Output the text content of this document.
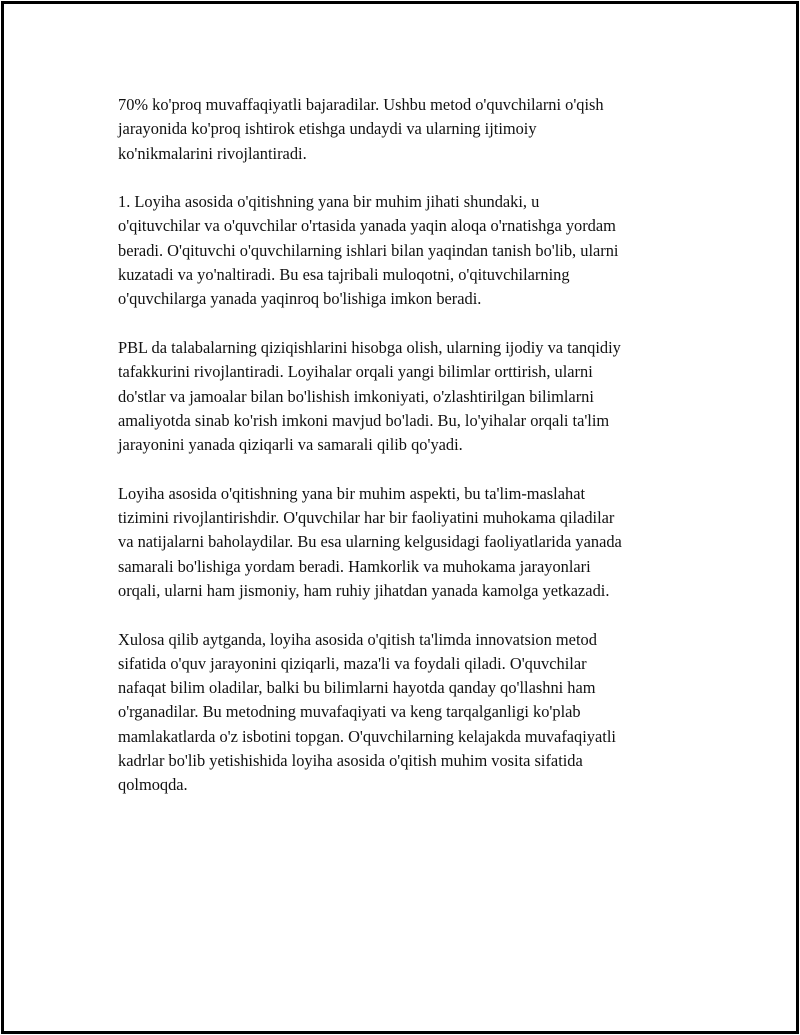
70% ko'proq muvaffaqiyatli bajaradilar. Ushbu metod o'quvchilarni o'qish
jarayonida ko'proq ishtirok etishga undaydi va ularning ijtimoiy
ko'nikmalarini rivojlantiradi.

1. Loyiha asosida o'qitishning yana bir muhim jihati shundaki, u
o'qituvchilar va o'quvchilar o'rtasida yanada yaqin aloqa o'rnatishga yordam
beradi. O'qituvchi o'quvchilarning ishlari bilan yaqindan tanish bo'lib, ularni
kuzatadi va yo'naltiradi. Bu esa tajribali muloqotni, o'qituvchilarning
o'quvchilarga yanada yaqinroq bo'lishiga imkon beradi.

PBL da talabalarning qiziqishlarini hisobga olish, ularning ijodiy va tanqidiy
tafakkurini rivojlantiradi. Loyihalar orqali yangi bilimlar orttirish, ularni
do'stlar va jamoalar bilan bo'lishish imkoniyati, o'zlashtirilgan bilimlarni
amaliyotda sinab ko'rish imkoni mavjud bo'ladi. Bu, lo'yihalar orqali ta'lim
jarayonini yanada qiziqarli va samarali qilib qo'yadi.

Loyiha asosida o'qitishning yana bir muhim aspekti, bu ta'lim-maslahat
tizimini rivojlantirishdir. O'quvchilar har bir faoliyatini muhokama qiladilar
va natijalarni baholaydilar. Bu esa ularning kelgusidagi faoliyatlarida yanada
samarali bo'lishiga yordam beradi. Hamkorlik va muhokama jarayonlari
orqali, ularni ham jismoniy, ham ruhiy jihatdan yanada kamolga yetkazadi.

Xulosa qilib aytganda, loyiha asosida o'qitish ta'limda innovatsion metod
sifatida o'quv jarayonini qiziqarli, maza'li va foydali qiladi. O'quvchilar
nafaqat bilim oladilar, balki bu bilimlarni hayotda qanday qo'llashni ham
o'rganadilar. Bu metodning muvafaqiyati va keng tarqalganligi ko'plab
mamlakatlarda o'z isbotini topgan. O'quvchilarning kelajakda muvafaqiyatli
kadrlar bo'lib yetishishida loyiha asosida o'qitish muhim vosita sifatida
qolmoqda.
